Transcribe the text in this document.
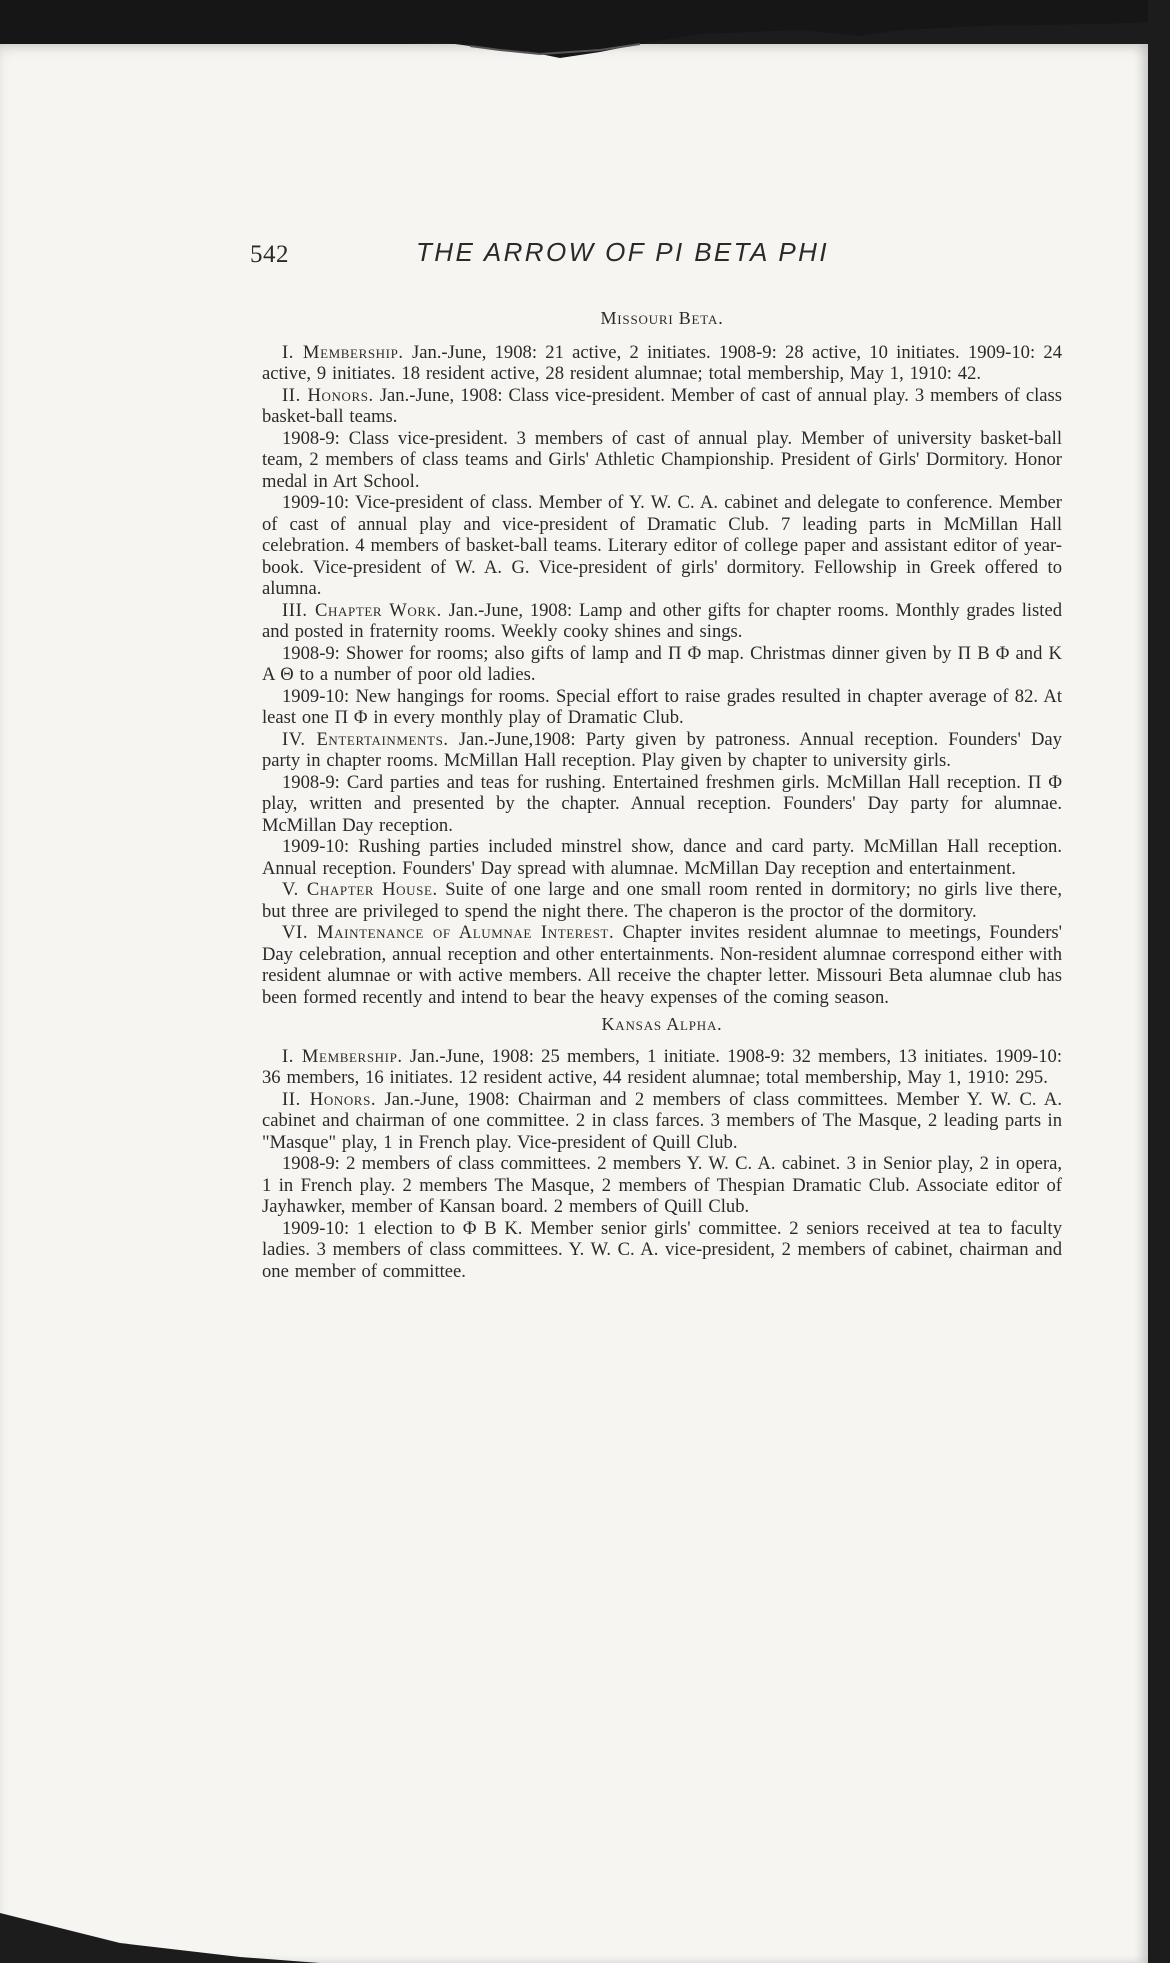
542	THE ARROW OF PI BETA PHI
Missouri Beta.

I. Membership. Jan.-June, 1908: 21 active, 2 initiates. 1908-9: 28 active, 10 initiates. 1909-10: 24 active, 9 initiates. 18 resident active, 28 resident alumnae; total membership, May 1, 1910: 42.

II. Honors. Jan.-June, 1908: Class vice-president. Member of cast of annual play. 3 members of class basket-ball teams.

1908-9: Class vice-president. 3 members of cast of annual play. Member of university basket-ball team, 2 members of class teams and Girls' Athletic Championship. President of Girls' Dormitory. Honor medal in Art School.

1909-10: Vice-president of class. Member of Y. W. C. A. cabinet and delegate to conference. Member of cast of annual play and vice-president of Dramatic Club. 7 leading parts in McMillan Hall celebration. 4 members of basket-ball teams. Literary editor of college paper and assistant editor of year-book. Vice-president of W. A. G. Vice-president of girls' dormitory. Fellowship in Greek offered to alumna.

III. Chapter Work. Jan.-June, 1908: Lamp and other gifts for chapter rooms. Monthly grades listed and posted in fraternity rooms. Weekly cooky shines and sings.

1908-9: Shower for rooms; also gifts of lamp and Π Φ map. Christmas dinner given by Π Β Φ and Κ Α Θ to a number of poor old ladies.

1909-10: New hangings for rooms. Special effort to raise grades resulted in chapter average of 82. At least one Π Φ in every monthly play of Dramatic Club.

IV. Entertainments. Jan.-June,1908: Party given by patroness. Annual reception. Founders' Day party in chapter rooms. McMillan Hall reception. Play given by chapter to university girls.

1908-9: Card parties and teas for rushing. Entertained freshmen girls. McMillan Hall reception. Π Φ play, written and presented by the chapter. Annual reception. Founders' Day party for alumnae. McMillan Day reception.

1909-10: Rushing parties included minstrel show, dance and card party. McMillan Hall reception. Annual reception. Founders' Day spread with alumnae. McMillan Day reception and entertainment.

V. Chapter House. Suite of one large and one small room rented in dormitory; no girls live there, but three are privileged to spend the night there. The chaperon is the proctor of the dormitory.

VI. Maintenance of Alumnae Interest. Chapter invites resident alumnae to meetings, Founders' Day celebration, annual reception and other entertainments. Non-resident alumnae correspond either with resident alumnae or with active members. All receive the chapter letter. Missouri Beta alumnae club has been formed recently and intend to bear the heavy expenses of the coming season.

Kansas Alpha.

I. Membership. Jan.-June, 1908: 25 members, 1 initiate. 1908-9: 32 members, 13 initiates. 1909-10: 36 members, 16 initiates. 12 resident active, 44 resident alumnae; total membership, May 1, 1910: 295.

II. Honors. Jan.-June, 1908: Chairman and 2 members of class committees. Member Y. W. C. A. cabinet and chairman of one committee. 2 in class farces. 3 members of The Masque, 2 leading parts in "Masque" play, 1 in French play. Vice-president of Quill Club.

1908-9: 2 members of class committees. 2 members Y. W. C. A. cabinet. 3 in Senior play, 2 in opera, 1 in French play. 2 members The Masque, 2 members of Thespian Dramatic Club. Associate editor of Jayhawker, member of Kansan board. 2 members of Quill Club.

1909-10: 1 election to Φ Β Κ. Member senior girls' committee. 2 seniors received at tea to faculty ladies. 3 members of class committees. Y. W. C. A. vice-president, 2 members of cabinet, chairman and one member of committee.
